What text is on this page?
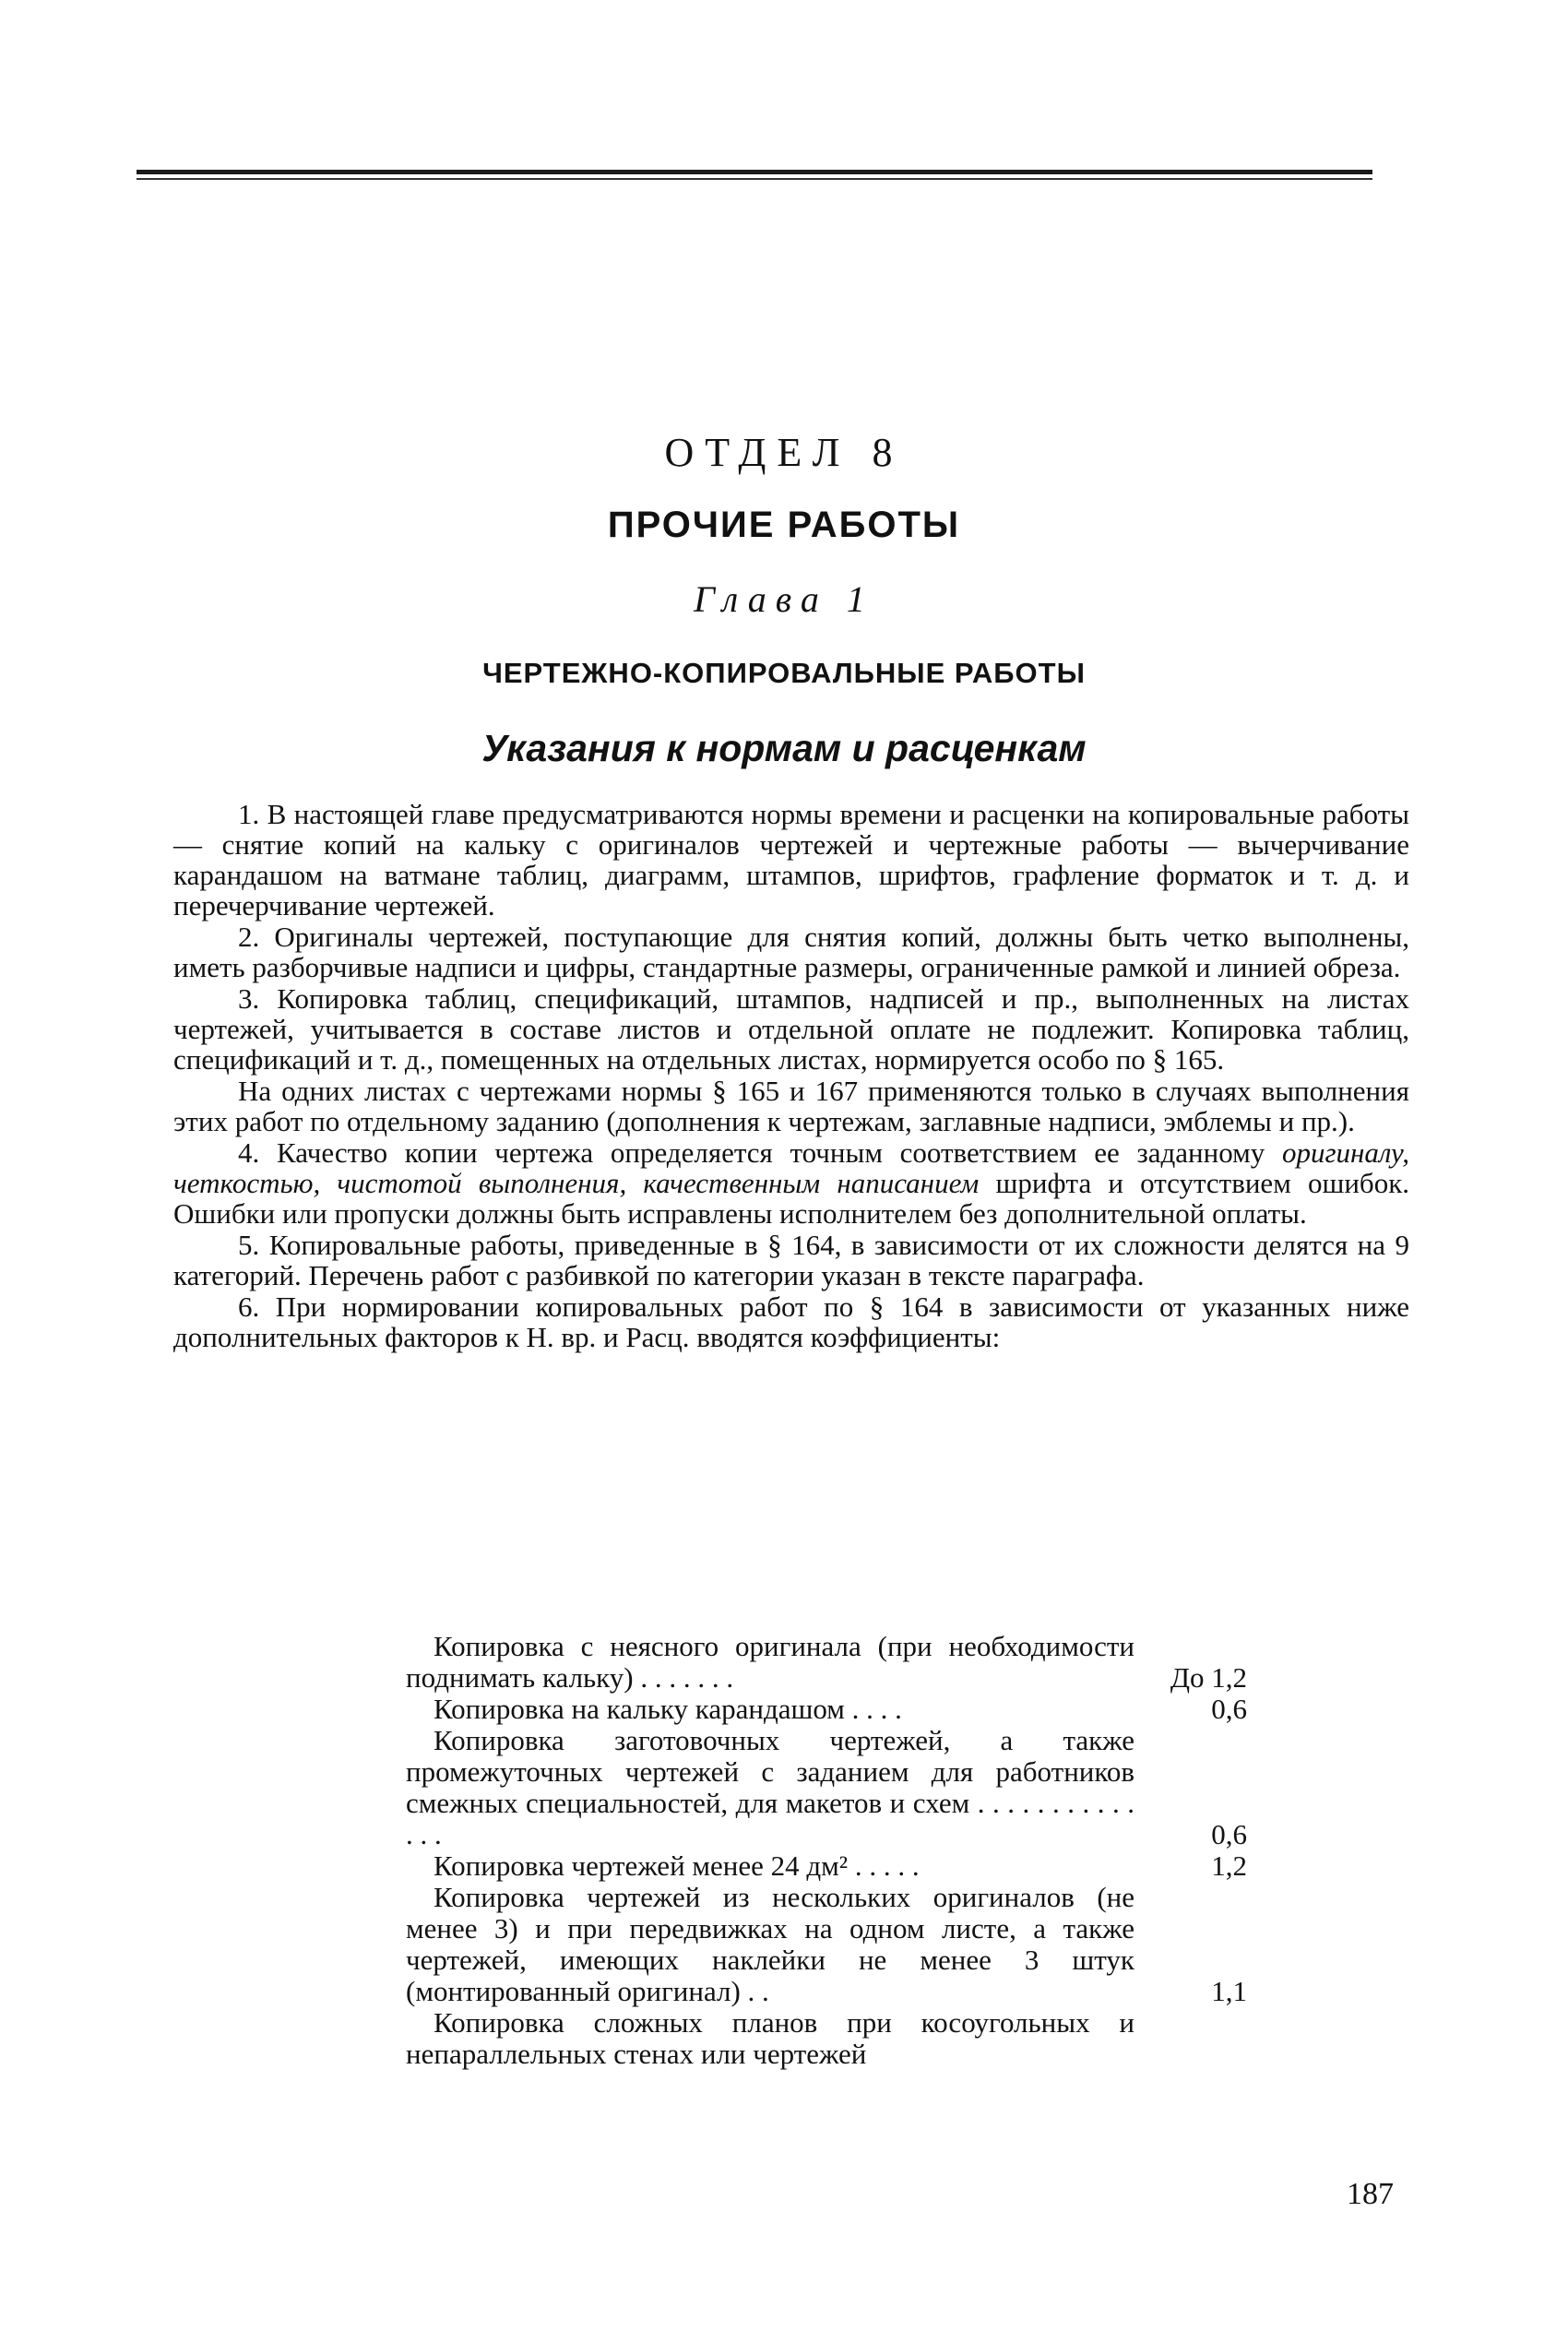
ОТДЕЛ 8
ПРОЧИЕ РАБОТЫ
Глава 1
ЧЕРТЕЖНО-КОПИРОВАЛЬНЫЕ РАБОТЫ
Указания к нормам и расценкам

1. В настоящей главе предусматриваются нормы времени и расценки на копировальные работы — снятие копий на кальку с оригиналов чертежей и чертежные работы — вычерчивание карандашом на ватмане таблиц, диаграмм, штампов, шрифтов, графление форматок и т. д. и перечерчивание чертежей.

2. Оригиналы чертежей, поступающие для снятия копий, должны быть четко выполнены, иметь разборчивые надписи и цифры, стандартные размеры, ограниченные рамкой и линией обреза.

3. Копировка таблиц, спецификаций, штампов, надписей и пр., выполненных на листах чертежей, учитывается в составе листов и отдельной оплате не подлежит. Копировка таблиц, спецификаций и т. д., помещенных на отдельных листах, нормируется особо по § 165.

На одних листах с чертежами нормы § 165 и 167 применяются только в случаях выполнения этих работ по отдельному заданию (дополнения к чертежам, заглавные надписи, эмблемы и пр.).

4. Качество копии чертежа определяется точным соответствием ее заданному оригиналу, четкостью, чистотой выполнения, качественным написанием шрифта и отсутствием ошибок. Ошибки или пропуски должны быть исправлены исполнителем без дополнительной оплаты.

5. Копировальные работы, приведенные в § 164, в зависимости от их сложности делятся на 9 категорий. Перечень работ с разбивкой по категории указан в тексте параграфа.

6. При нормировании копировальных работ по § 164 в зависимости от указанных ниже дополнительных факторов к Н. вр. и Расц. вводятся коэффициенты:

Копировка с неясного оригинала (при необходимости поднимать кальку) . . . . . . .	До 1,2
Копировка на кальку карандашом . . . .	0,6
Копировка заготовочных чертежей, а также промежуточных чертежей с заданием для работников смежных специальностей, для макетов и схем . . . . . . . . . . . . . .	0,6
Копировка чертежей менее 24 дм² . . . . .	1,2
Копировка чертежей из нескольких оригиналов (не менее 3) и при передвижках на одном листе, а также чертежей, имеющих наклейки не менее 3 штук (монтированный оригинал) . .	1,1
Копировка сложных планов при косоугольных и непараллельных стенах или чертежей
187
